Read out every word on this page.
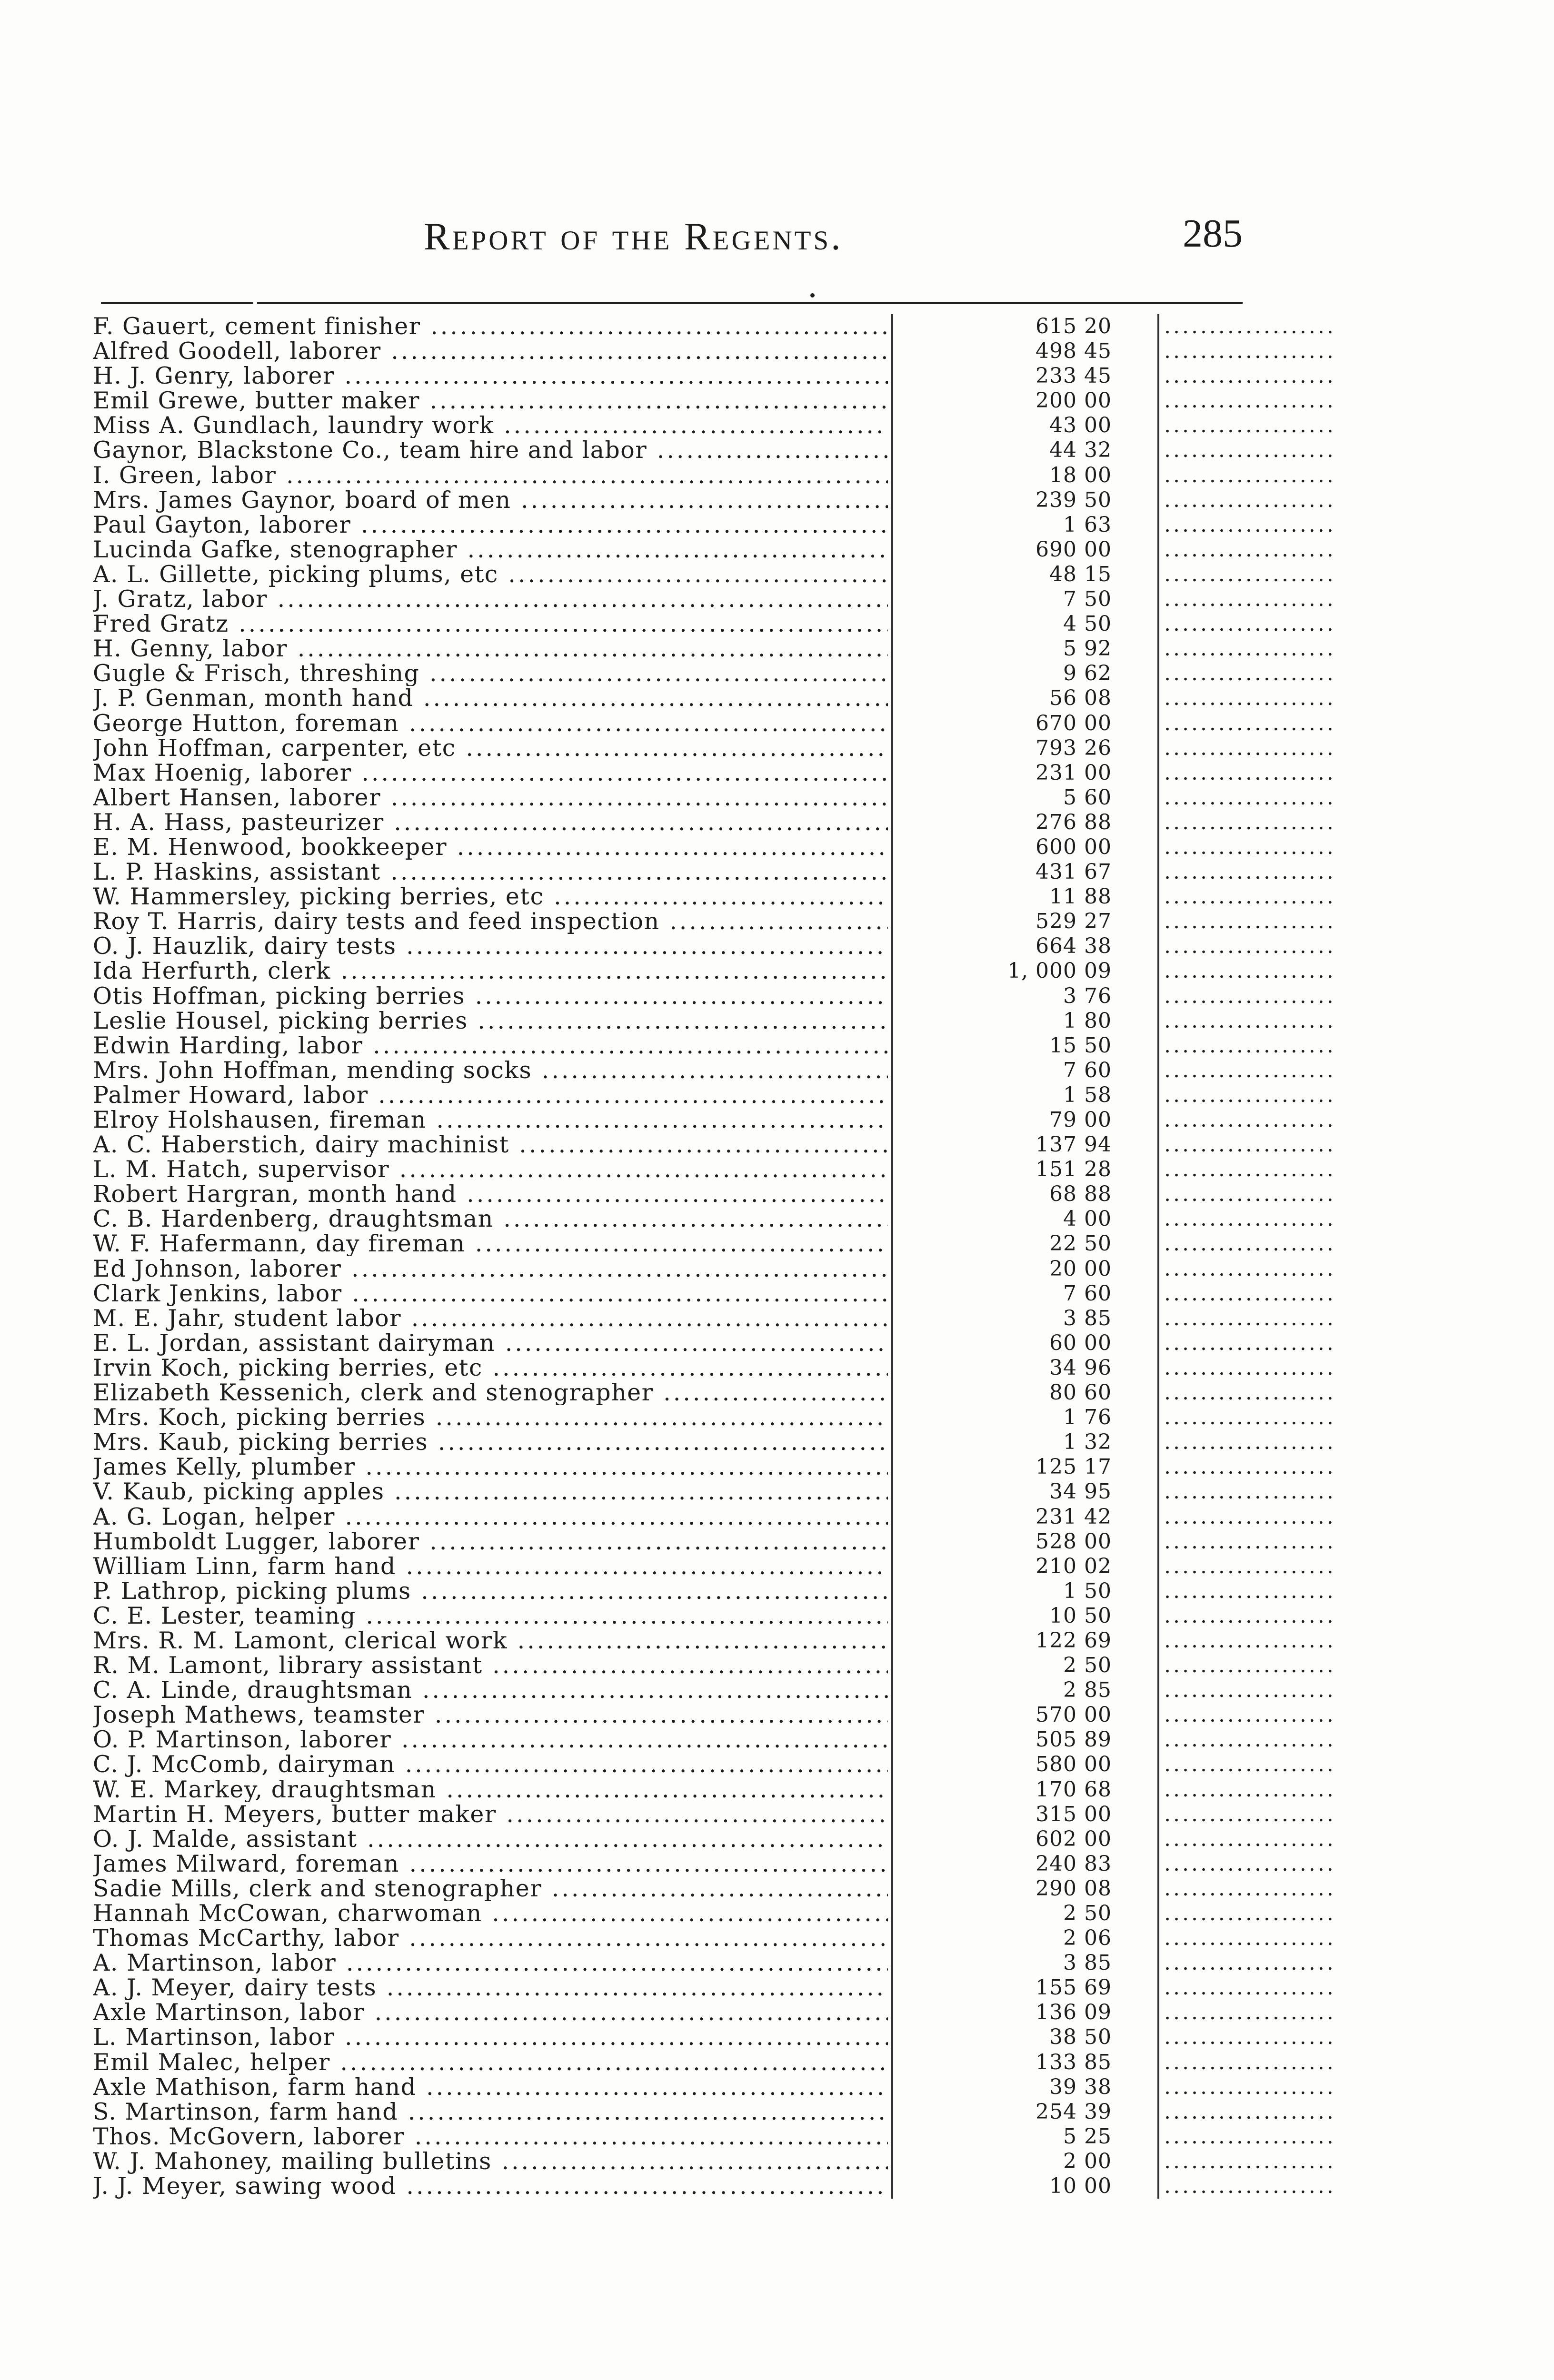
Report of the Regents.	285
F. Gauert, cement finisher .....	615 20
.....
Alfred Goodell, laborer .....	498 45
.....
H. J. Genry, laborer .....	233 45
.....
Emil Grewe, butter maker .....	200 00
.....
Miss A. Gundlach, laundry work .....	43 00
.....
Gaynor, Blackstone Co., team hire and labor .....	44 32
.....
I. Green, labor .....	18 00
.....
Mrs. James Gaynor, board of men .....	239 50
.....
Paul Gayton, laborer .....	1 63
.....
Lucinda Gafke, stenographer .....	690 00
.....
A. L. Gillette, picking plums, etc .....	48 15
.....
J. Gratz, labor .....	7 50
.....
Fred Gratz .....	4 50
.....
H. Genny, labor .....	5 92
.....
Gugle & Frisch, threshing .....	9 62
.....
J. P. Genman, month hand .....	56 08
.....
George Hutton, foreman .....	670 00
.....
John Hoffman, carpenter, etc .....	793 26
.....
Max Hoenig, laborer .....	231 00
.....
Albert Hansen, laborer .....	5 60
.....
H. A. Hass, pasteurizer .....	276 88
.....
E. M. Henwood, bookkeeper .....	600 00
.....
L. P. Haskins, assistant .....	431 67
.....
W. Hammersley, picking berries, etc .....	11 88
.....
Roy T. Harris, dairy tests and feed inspection .....	529 27
.....
O. J. Hauzlik, dairy tests .....	664 38
.....
Ida Herfurth, clerk .....	1, 000 09
.....
Otis Hoffman, picking berries .....	3 76
.....
Leslie Housel, picking berries .....	1 80
.....
Edwin Harding, labor .....	15 50
.....
Mrs. John Hoffman, mending socks .....	7 60
.....
Palmer Howard, labor .....	1 58
.....
Elroy Holshausen, fireman .....	79 00
.....
A. C. Haberstich, dairy machinist .....	137 94
.....
L. M. Hatch, supervisor .....	151 28
.....
Robert Hargran, month hand .....	68 88
.....
C. B. Hardenberg, draughtsman .....	4 00
.....
W. F. Hafermann, day fireman .....	22 50
.....
Ed Johnson, laborer .....	20 00
.....
Clark Jenkins, labor .....	7 60
.....
M. E. Jahr, student labor .....	3 85
.....
E. L. Jordan, assistant dairyman .....	60 00
.....
Irvin Koch, picking berries, etc .....	34 96
.....
Elizabeth Kessenich, clerk and stenographer .....	80 60
.....
Mrs. Koch, picking berries .....	1 76
.....
Mrs. Kaub, picking berries .....	1 32
.....
James Kelly, plumber .....	125 17
.....
V. Kaub, picking apples .....	34 95
.....
A. G. Logan, helper .....	231 42
.....
Humboldt Lugger, laborer .....	528 00
.....
William Linn, farm hand .....	210 02
.....
P. Lathrop, picking plums .....	1 50
.....
C. E. Lester, teaming .....	10 50
.....
Mrs. R. M. Lamont, clerical work .....	122 69
.....
R. M. Lamont, library assistant .....	2 50
.....
C. A. Linde, draughtsman .....	2 85
.....
Joseph Mathews, teamster .....	570 00
.....
O. P. Martinson, laborer .....	505 89
.....
C. J. McComb, dairyman .....	580 00
.....
W. E. Markey, draughtsman .....	170 68
.....
Martin H. Meyers, butter maker .....	315 00
.....
O. J. Malde, assistant .....	602 00
.....
James Milward, foreman .....	240 83
.....
Sadie Mills, clerk and stenographer .....	290 08
.....
Hannah McCowan, charwoman .....	2 50
.....
Thomas McCarthy, labor .....	2 06
.....
A. Martinson, labor .....	3 85
.....
A. J. Meyer, dairy tests .....	155 69
.....
Axle Martinson, labor .....	136 09
.....
L. Martinson, labor .....	38 50
.....
Emil Malec, helper .....	133 85
.....
Axle Mathison, farm hand .....	39 38
.....
S. Martinson, farm hand .....	254 39
.....
Thos. McGovern, laborer .....	5 25
.....
W. J. Mahoney, mailing bulletins .....	2 00
.....
J. J. Meyer, sawing wood .....	10 00
.....
